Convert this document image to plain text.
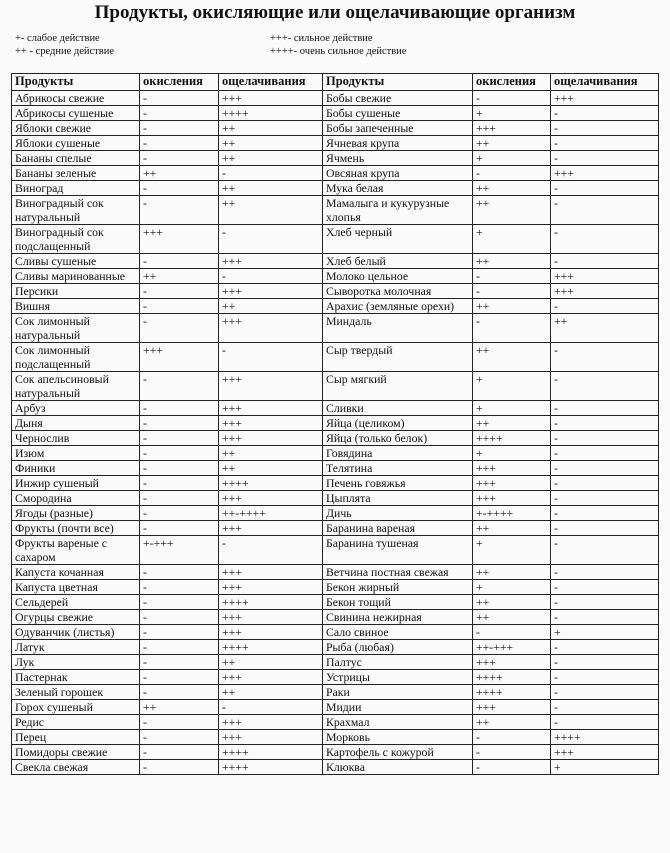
Продукты, окисляющие или ощелачивающие организм
+- слабое действие
++ - средние действие
+++- сильное действие
++++- очень сильное действие
Продукты	окисления	ощелачивания	Продукты	окисления	ощелачивания
Абрикосы свежие	-	+++	Бобы свежие	-	+++
Абрикосы сушеные	-	++++	Бобы сушеные	+	-
Яблоки свежие	-	++	Бобы запеченные	+++	-
Яблоки сушеные	-	++	Ячневая крупа	++	-
Бананы спелые	-	++	Ячмень	+	-
Бананы зеленые	++	-	Овсяная крупа	-	+++
Виноград	-	++	Мука белая	++	-
Виноградный сок натуральный	-	++	Мамалыга и кукурузные хлопья	++	-
Виноградный сок подслащенный	+++	-	Хлеб черный	+	-
Сливы сушеные	-	+++	Хлеб белый	++	-
Сливы маринованные	++	-	Молоко цельное	-	+++
Персики	-	+++	Сыворотка молочная	-	+++
Вишня	-	++	Арахис (земляные орехи)	++	-
Сок лимонный натуральный	-	+++	Миндаль	-	++
Сок лимонный подслащенный	+++	-	Сыр твердый	++	-
Сок апельсиновый натуральный	-	+++	Сыр мягкий	+	-
Арбуз	-	+++	Сливки	+	-
Дыня	-	+++	Яйца (целиком)	++	-
Чернослив	-	+++	Яйца (только белок)	++++	-
Изюм	-	++	Говядина	+	-
Финики	-	++	Телятина	+++	-
Инжир сушеный	-	++++	Печень говяжья	+++	-
Смородина	-	+++	Цыплята	+++	-
Ягоды (разные)	-	++-++++	Дичь	+-++++	-
Фрукты (почти все)	-	+++	Баранина вареная	++	-
Фрукты вареные с сахаром	+-+++	-	Баранина тушеная	+	-
Капуста кочанная	-	+++	Ветчина постная свежая	++	-
Капуста цветная	-	+++	Бекон жирный	+	-
Сельдерей	-	++++	Бекон тощий	++	-
Огурцы свежие	-	+++	Свинина нежирная	++	-
Одуванчик (листья)	-	+++	Сало свиное	-	+
Латук	-	++++	Рыба (любая)	++-+++	-
Лук	-	++	Палтус	+++	-
Пастернак	-	+++	Устрицы	++++	-
Зеленый горошек	-	++	Раки	++++	-
Горох сушеный	++	-	Мидии	+++	-
Редис	-	+++	Крахмал	++	-
Перец	-	+++	Морковь	-	++++
Помидоры свежие	-	++++	Картофель с кожурой	-	+++
Свекла свежая	-	++++	Клюква	-	+
